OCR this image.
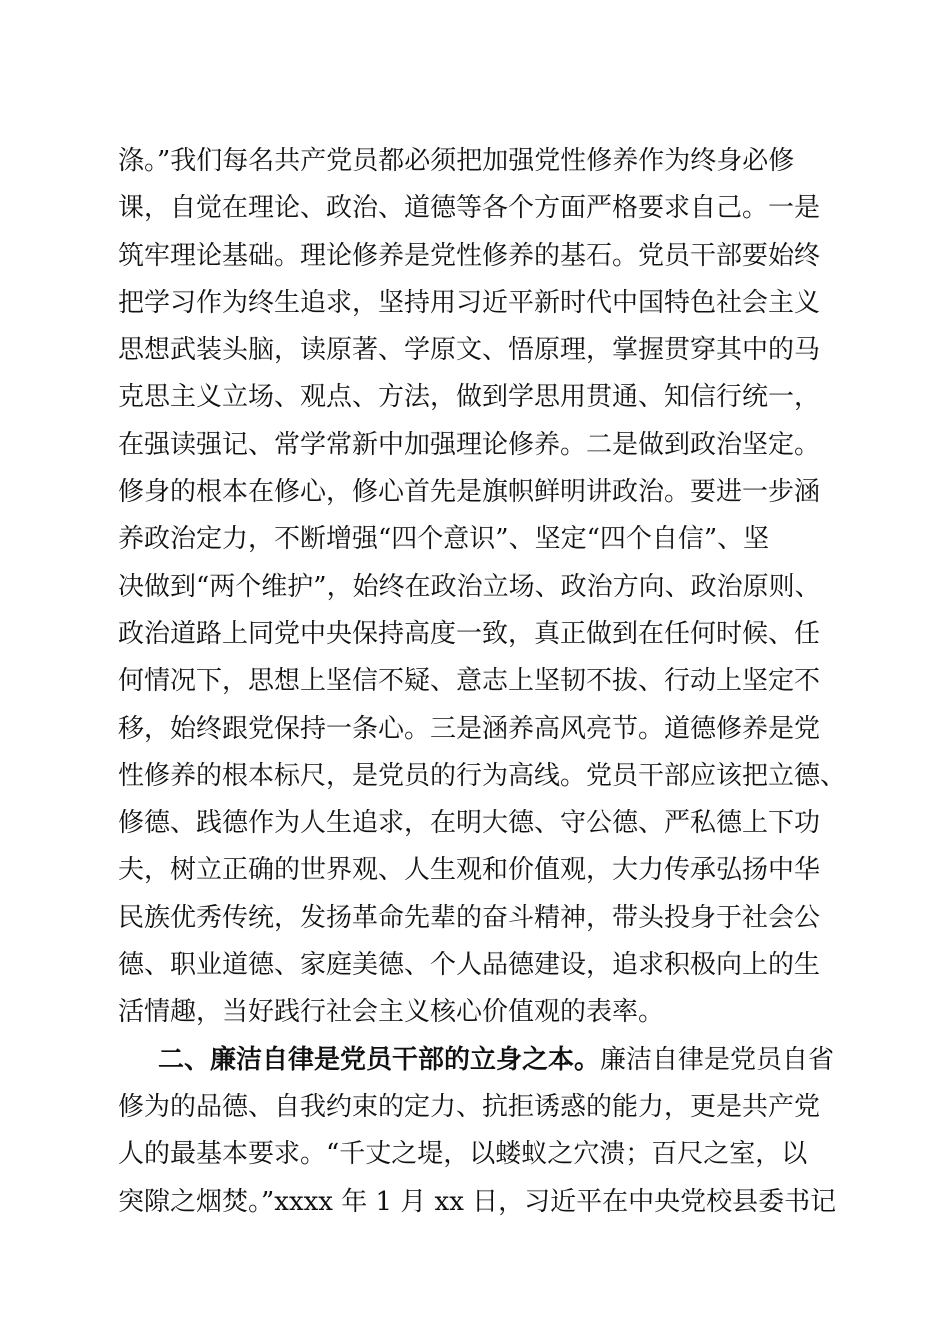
涤。”我们每名共产党员都必须把加强党性修养作为终身必修
课，自觉在理论、政治、道德等各个方面严格要求自己。一是
筑牢理论基础。理论修养是党性修养的基石。党员干部要始终
把学习作为终生追求，坚持用习近平新时代中国特色社会主义
思想武装头脑，读原著、学原文、悟原理，掌握贯穿其中的马
克思主义立场、观点、方法，做到学思用贯通、知信行统一，
在强读强记、常学常新中加强理论修养。二是做到政治坚定。
修身的根本在修心，修心首先是旗帜鲜明讲政治。要进一步涵
养政治定力，不断增强“四个意识”、坚定“四个自信”、坚
决做到“两个维护”，始终在政治立场、政治方向、政治原则、
政治道路上同党中央保持高度一致，真正做到在任何时候、任
何情况下，思想上坚信不疑、意志上坚韧不拔、行动上坚定不
移，始终跟党保持一条心。三是涵养高风亮节。道德修养是党
性修养的根本标尺，是党员的行为高线。党员干部应该把立德、
修德、践德作为人生追求，在明大德、守公德、严私德上下功
夫，树立正确的世界观、人生观和价值观，大力传承弘扬中华
民族优秀传统，发扬革命先辈的奋斗精神，带头投身于社会公
德、职业道德、家庭美德、个人品德建设，追求积极向上的生
活情趣，当好践行社会主义核心价值观的表率。
二、廉洁自律是党员干部的立身之本。廉洁自律是党员自省
修为的品德、自我约束的定力、抗拒诱惑的能力，更是共产党
人的最基本要求。“千丈之堤，以蝼蚁之穴溃；百尺之室，以
突隙之烟焚。”xxxx 年 1 月 xx 日，习近平在中央党校县委书记
